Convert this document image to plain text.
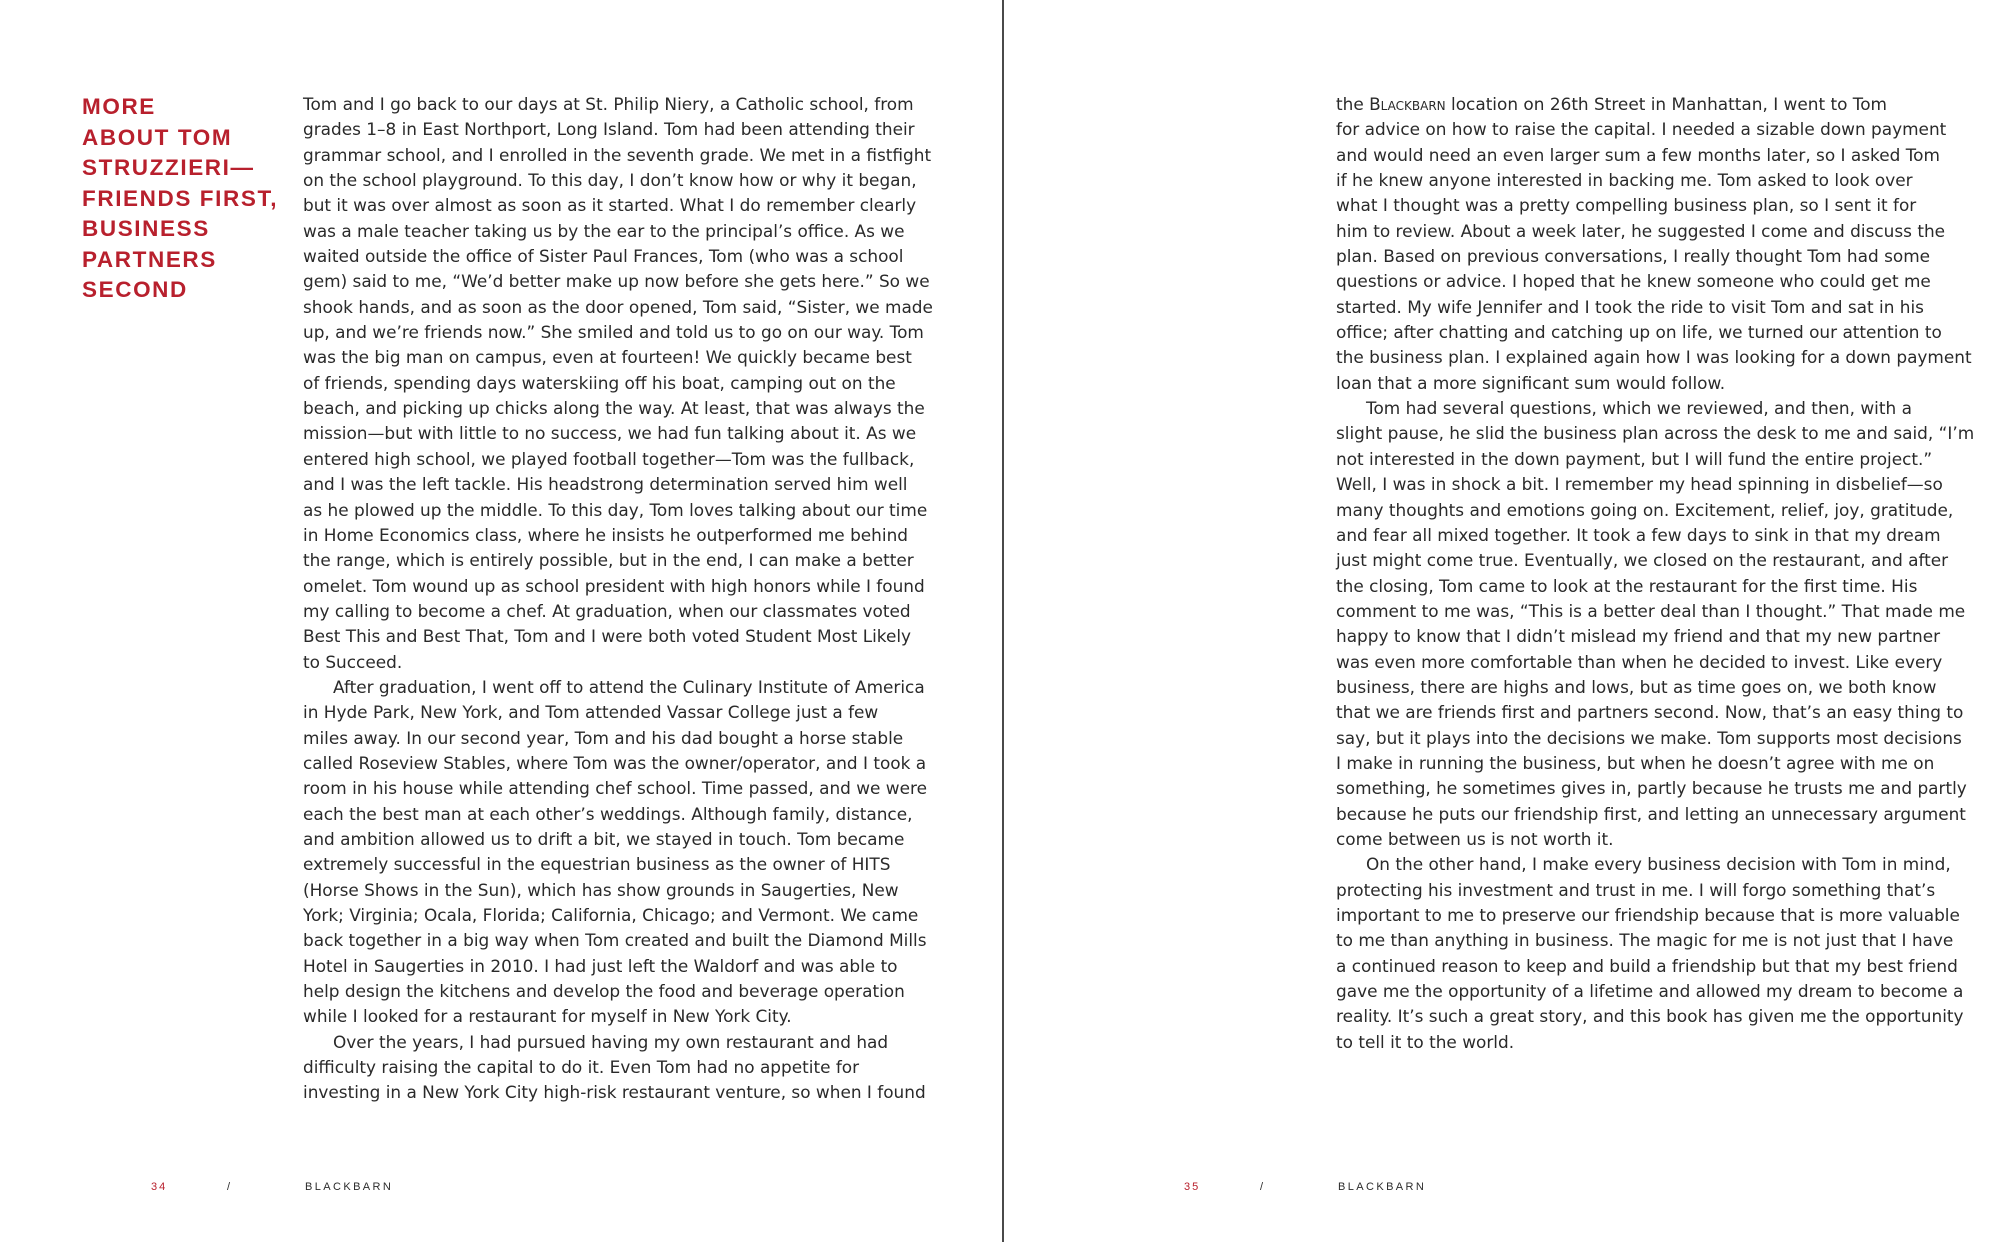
MORE
ABOUT TOM
STRUZZIERI—
FRIENDS FIRST,
BUSINESS
PARTNERS
SECOND

Tom and I go back to our days at St. Philip Niery, a Catholic school, from
grades 1–8 in East Northport, Long Island. Tom had been attending their
grammar school, and I enrolled in the seventh grade. We met in a fistfight
on the school playground. To this day, I don’t know how or why it began,
but it was over almost as soon as it started. What I do remember clearly
was a male teacher taking us by the ear to the principal’s office. As we
waited outside the office of Sister Paul Frances, Tom (who was a school
gem) said to me, “We’d better make up now before she gets here.” So we
shook hands, and as soon as the door opened, Tom said, “Sister, we made
up, and we’re friends now.” She smiled and told us to go on our way. Tom
was the big man on campus, even at fourteen! We quickly became best
of friends, spending days waterskiing off his boat, camping out on the
beach, and picking up chicks along the way. At least, that was always the
mission—but with little to no success, we had fun talking about it. As we
entered high school, we played football together—Tom was the fullback,
and I was the left tackle. His headstrong determination served him well
as he plowed up the middle. To this day, Tom loves talking about our time
in Home Economics class, where he insists he outperformed me behind
the range, which is entirely possible, but in the end, I can make a better
omelet. Tom wound up as school president with high honors while I found
my calling to become a chef. At graduation, when our classmates voted
Best This and Best That, Tom and I were both voted Student Most Likely
to Succeed.

After graduation, I went off to attend the Culinary Institute of America
in Hyde Park, New York, and Tom attended Vassar College just a few
miles away. In our second year, Tom and his dad bought a horse stable
called Roseview Stables, where Tom was the owner/operator, and I took a
room in his house while attending chef school. Time passed, and we were
each the best man at each other’s weddings. Although family, distance,
and ambition allowed us to drift a bit, we stayed in touch. Tom became
extremely successful in the equestrian business as the owner of HITS
(Horse Shows in the Sun), which has show grounds in Saugerties, New
York; Virginia; Ocala, Florida; California, Chicago; and Vermont. We came
back together in a big way when Tom created and built the Diamond Mills
Hotel in Saugerties in 2010. I had just left the Waldorf and was able to
help design the kitchens and develop the food and beverage operation
while I looked for a restaurant for myself in New York City.

Over the years, I had pursued having my own restaurant and had
difficulty raising the capital to do it. Even Tom had no appetite for
investing in a New York City high-risk restaurant venture, so when I found

34	/	BLACKBARN

the Blackbarn location on 26th Street in Manhattan, I went to Tom
for advice on how to raise the capital. I needed a sizable down payment
and would need an even larger sum a few months later, so I asked Tom
if he knew anyone interested in backing me. Tom asked to look over
what I thought was a pretty compelling business plan, so I sent it for
him to review. About a week later, he suggested I come and discuss the
plan. Based on previous conversations, I really thought Tom had some
questions or advice. I hoped that he knew someone who could get me
started. My wife Jennifer and I took the ride to visit Tom and sat in his
office; after chatting and catching up on life, we turned our attention to
the business plan. I explained again how I was looking for a down payment
loan that a more significant sum would follow.

Tom had several questions, which we reviewed, and then, with a
slight pause, he slid the business plan across the desk to me and said, “I’m
not interested in the down payment, but I will fund the entire project.”
Well, I was in shock a bit. I remember my head spinning in disbelief—so
many thoughts and emotions going on. Excitement, relief, joy, gratitude,
and fear all mixed together. It took a few days to sink in that my dream
just might come true. Eventually, we closed on the restaurant, and after
the closing, Tom came to look at the restaurant for the first time. His
comment to me was, “This is a better deal than I thought.” That made me
happy to know that I didn’t mislead my friend and that my new partner
was even more comfortable than when he decided to invest. Like every
business, there are highs and lows, but as time goes on, we both know
that we are friends first and partners second. Now, that’s an easy thing to
say, but it plays into the decisions we make. Tom supports most decisions
I make in running the business, but when he doesn’t agree with me on
something, he sometimes gives in, partly because he trusts me and partly
because he puts our friendship first, and letting an unnecessary argument
come between us is not worth it.

On the other hand, I make every business decision with Tom in mind,
protecting his investment and trust in me. I will forgo something that’s
important to me to preserve our friendship because that is more valuable
to me than anything in business. The magic for me is not just that I have
a continued reason to keep and build a friendship but that my best friend
gave me the opportunity of a lifetime and allowed my dream to become a
reality. It’s such a great story, and this book has given me the opportunity
to tell it to the world.

35	/	BLACKBARN
